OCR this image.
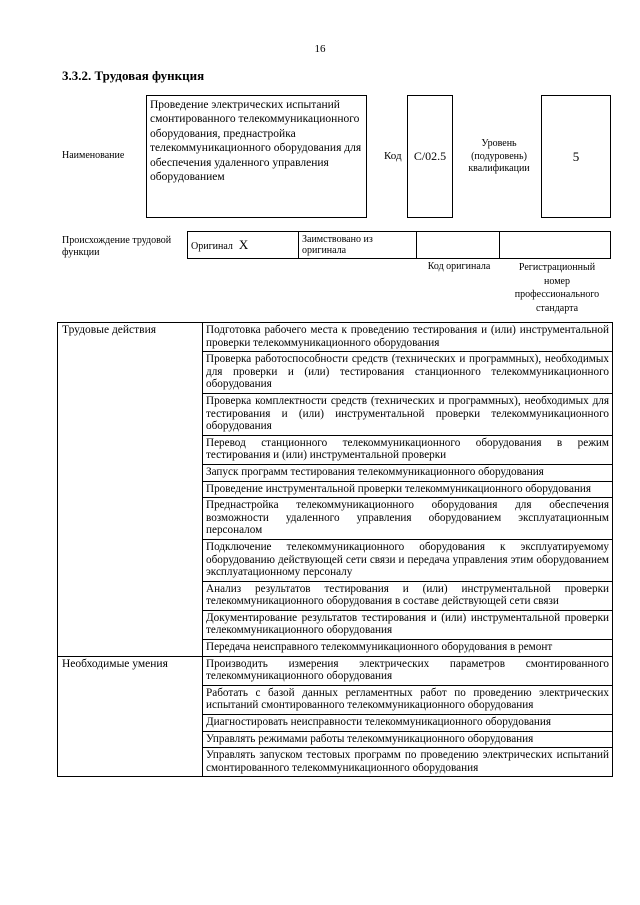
16
3.3.2. Трудовая функция
Наименование
Проведение электрических испытаний смонтированного телекоммуникационного оборудования, преднастройка телекоммуникационного оборудования для обеспечения удаленного управления оборудованием
Код	C/02.5
Уровень (подуровень) квалификации
5
Происхождение трудовой функции
Оригинал X	Заимствовано из оригинала		
Код оригинала	Регистрационный номер профессионального стандарта
Трудовые действия	Подготовка рабочего места к проведению тестирования и (или) инструментальной проверки телекоммуникационного оборудования
	Проверка работоспособности средств (технических и программных), необходимых для проверки и (или) тестирования станционного телекоммуникационного оборудования
	Проверка комплектности средств (технических и программных), необходимых для тестирования и (или) инструментальной проверки телекоммуникационного оборудования
	Перевод станционного телекоммуникационного оборудования в режим тестирования и (или) инструментальной проверки
	Запуск программ тестирования телекоммуникационного оборудования
	Проведение инструментальной проверки телекоммуникационного оборудования
	Преднастройка телекоммуникационного оборудования для обеспечения возможности удаленного управления оборудованием эксплуатационным персоналом
	Подключение телекоммуникационного оборудования к эксплуатируемому оборудованию действующей сети связи и передача управления этим оборудованием эксплуатационному персоналу
	Анализ результатов тестирования и (или) инструментальной проверки телекоммуникационного оборудования в составе действующей сети связи
	Документирование результатов тестирования и (или) инструментальной проверки телекоммуникационного оборудования
	Передача неисправного телекоммуникационного оборудования в ремонт
Необходимые умения	Производить измерения электрических параметров смонтированного телекоммуникационного оборудования
	Работать с базой данных регламентных работ по проведению электрических испытаний смонтированного телекоммуникационного оборудования
	Диагностировать неисправности телекоммуникационного оборудования
	Управлять режимами работы телекоммуникационного оборудования
	Управлять запуском тестовых программ по проведению электрических испытаний смонтированного телекоммуникационного оборудования
